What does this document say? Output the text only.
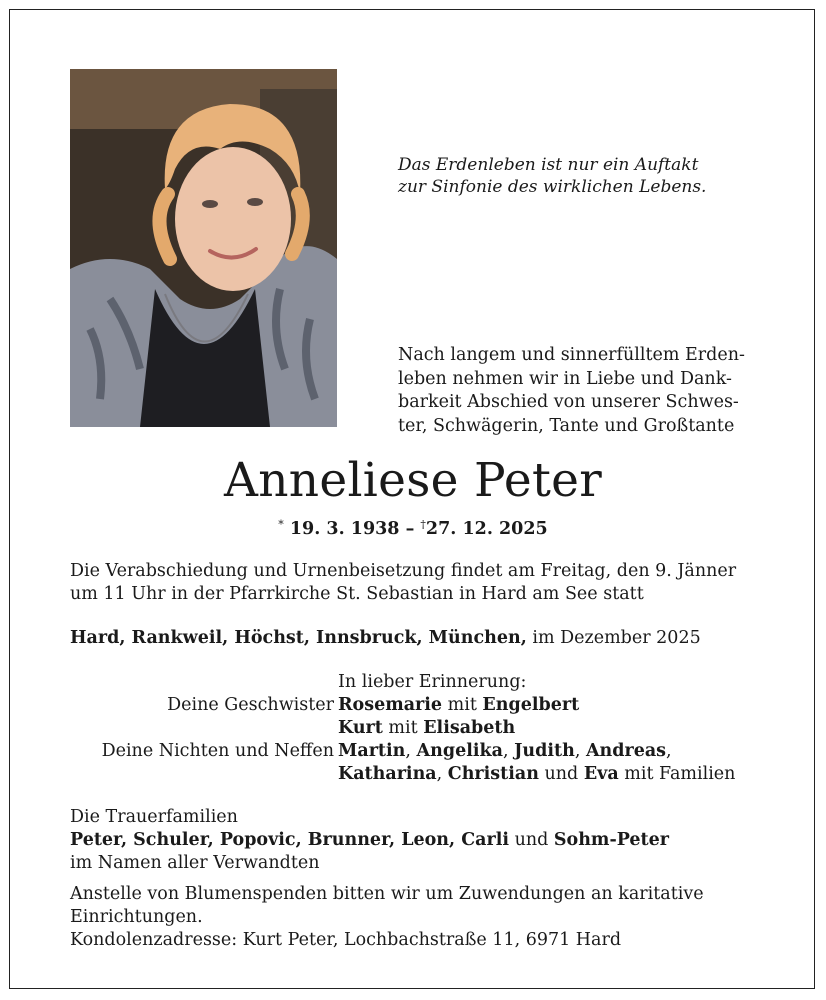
Das Erdenleben ist nur ein Auftakt
zur Sinfonie des wirklichen Lebens.
Nach langem und sinnerfülltem Erden-
leben nehmen wir in Liebe und Dank-
barkeit Abschied von unserer Schwes-
ter, Schwägerin, Tante und Großtante
Anneliese Peter
* 19. 3. 1938 – †27. 12. 2025
Die Verabschiedung und Urnenbeisetzung findet am Freitag, den 9. Jänner
um 11 Uhr in der Pfarrkirche St. Sebastian in Hard am See statt
Hard, Rankweil, Höchst, Innsbruck, München, im Dezember 2025
In lieber Erinnerung:
Deine Geschwister Rosemarie mit Engelbert
Kurt mit Elisabeth
Deine Nichten und Neffen Martin, Angelika, Judith, Andreas,
Katharina, Christian und Eva mit Familien
Die Trauerfamilien
Peter, Schuler, Popovic, Brunner, Leon, Carli und Sohm-Peter
im Namen aller Verwandten
Anstelle von Blumenspenden bitten wir um Zuwendungen an karitative
Einrichtungen.
Kondolenzadresse: Kurt Peter, Lochbachstraße 11, 6971 Hard
